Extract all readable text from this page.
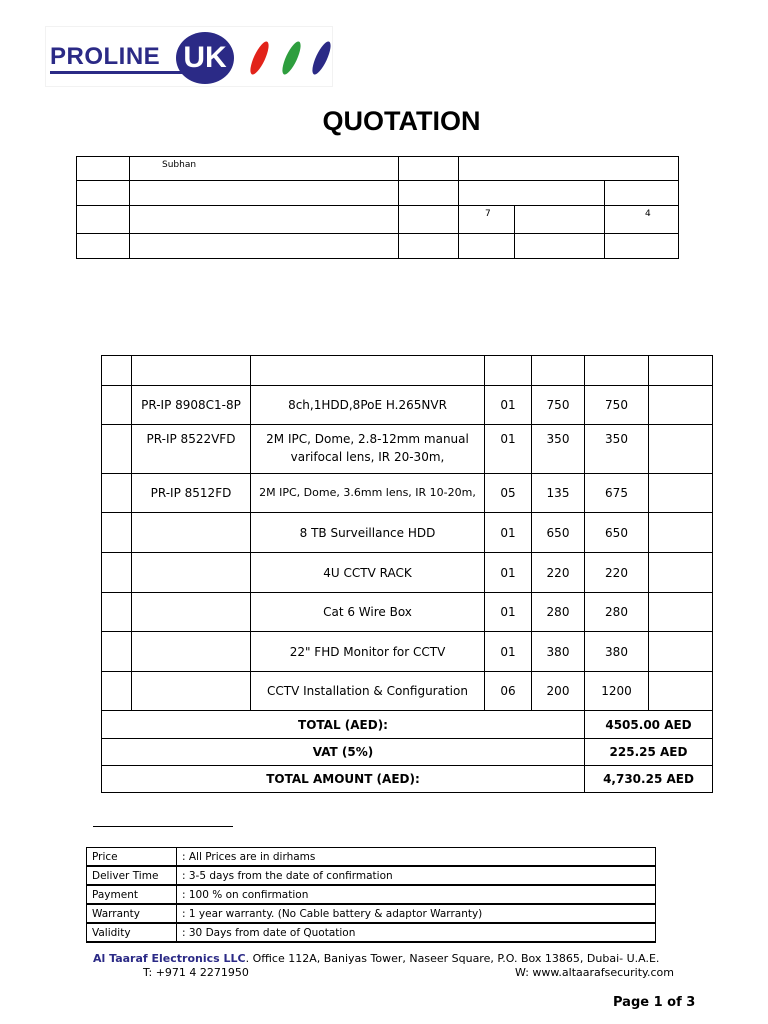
PROLINE UK
QUOTATION

	Subhan				

			7		4

	PR-IP 8908C1-8P	8ch,1HDD,8PoE H.265NVR	01	750	750	
	PR-IP 8522VFD	2M IPC, Dome, 2.8-12mm manual varifocal lens, IR 20-30m,	01	350	350	
	PR-IP 8512FD	2M IPC, Dome, 3.6mm lens, IR 10-20m,	05	135	675	
		8 TB Surveillance HDD	01	650	650	
		4U CCTV RACK	01	220	220	
		Cat 6 Wire Box	01	280	280	
		22" FHD Monitor for CCTV	01	380	380	
		CCTV Installation & Configuration	06	200	1200	
TOTAL (AED):					4505.00 AED	
VAT (5%)					225.25 AED	
TOTAL AMOUNT (AED):					4,730.25 AED	
Price	: All Prices are in dirhams
Deliver Time	: 3-5 days from the date of confirmation
Payment	: 100 % on confirmation
Warranty	: 1 year warranty. (No Cable battery & adaptor Warranty)
Validity	: 30 Days from date of Quotation
Al Taaraf Electronics LLC. Office 112A, Baniyas Tower, Naseer Square, P.O. Box 13865, Dubai- U.A.E.
T: +971 4 2271950	W: www.altaarafsecurity.com
Page 1 of 3
